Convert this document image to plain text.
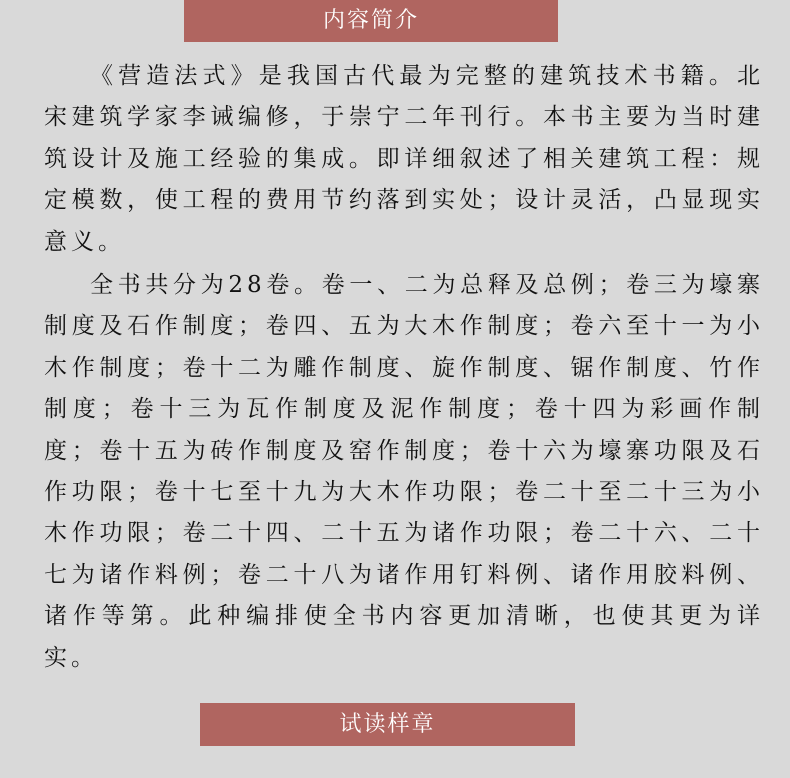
内容简介

《营造法式》是我国古代最为完整的建筑技术书籍。北宋建筑学家李诫编修，于崇宁二年刊行。本书主要为当时建筑设计及施工经验的集成。即详细叙述了相关建筑工程：规定模数，使工程的费用节约落到实处；设计灵活，凸显现实意义。

全书共分为28卷。卷一、二为总释及总例；卷三为壕寨制度及石作制度；卷四、五为大木作制度；卷六至十一为小木作制度；卷十二为雕作制度、旋作制度、锯作制度、竹作制度；卷十三为瓦作制度及泥作制度；卷十四为彩画作制度；卷十五为砖作制度及窑作制度；卷十六为壕寨功限及石作功限；卷十七至十九为大木作功限；卷二十至二十三为小木作功限；卷二十四、二十五为诸作功限；卷二十六、二十七为诸作料例；卷二十八为诸作用钉料例、诸作用胶料例、诸作等第。此种编排使全书内容更加清晰，也使其更为详实。

试读样章
